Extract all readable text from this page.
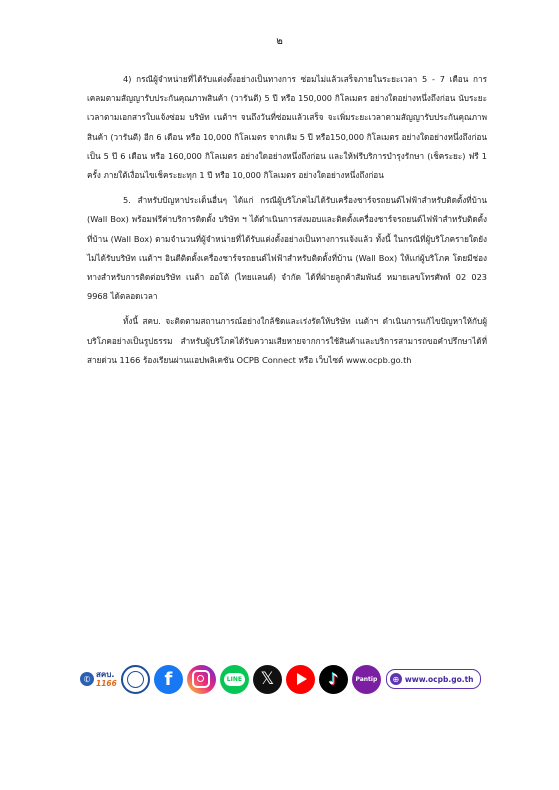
๒

4) กรณีผู้จำหน่ายที่ได้รับแต่งตั้งอย่างเป็นทางการ ซ่อมไม่แล้วเสร็จภายในระยะเวลา 5 - 7 เดือน การเคลมตามสัญญารับประกันคุณภาพสินค้า (วารันตี) 5 ปี หรือ 150,000 กิโลเมตร อย่างใดอย่างหนึ่งถึงก่อน นับระยะเวลาตามเอกสารใบแจ้งซ่อม บริษัท เนต้าฯ จนถึงวันที่ซ่อมแล้วเสร็จ จะเพิ่มระยะเวลาตามสัญญารับประกันคุณภาพสินค้า (วารันตี) อีก 6 เดือน หรือ 10,000 กิโลเมตร จากเดิม 5 ปี หรือ150,000 กิโลเมตร อย่างใดอย่างหนึ่งถึงก่อน เป็น 5 ปี 6 เดือน หรือ 160,000 กิโลเมตร อย่างใดอย่างหนึ่งถึงก่อน และให้ฟรีบริการบำรุงรักษา (เช็คระยะ) ฟรี 1 ครั้ง ภายใต้เงื่อนไขเช็คระยะทุก 1 ปี หรือ 10,000 กิโลเมตร อย่างใดอย่างหนึ่งถึงก่อน

5. สำหรับปัญหาประเด็นอื่นๆ ได้แก่ กรณีผู้บริโภคไม่ได้รับเครื่องชาร์จรถยนต์ไฟฟ้าสำหรับติดตั้งที่บ้าน (Wall Box) พร้อมฟรีค่าบริการติดตั้ง บริษัท ฯ ได้ดำเนินการส่งมอบและติดตั้งเครื่องชาร์จรถยนต์ไฟฟ้าสำหรับติดตั้งที่บ้าน (Wall Box) ตามจำนวนที่ผู้จำหน่ายที่ได้รับแต่งตั้งอย่างเป็นทางการแจ้งแล้ว ทั้งนี้ ในกรณีที่ผู้บริโภครายใดยังไม่ได้รับบริษัท เนต้าฯ อินดีติดตั้งเครื่องชาร์จรถยนต์ไฟฟ้าสำหรับติดตั้งที่บ้าน (Wall Box) ให้แก่ผู้บริโภค โดยมีช่องทางสำหรับการติดต่อบริษัท เนต้า ออโต้ (ไทยแลนด์) จำกัด ได้ที่ฝ่ายลูกค้าสัมพันธ์ หมายเลขโทรศัพท์ 02 023 9968 ได้ตลอดเวลา

ทั้งนี้ สคบ. จะติดตามสถานการณ์อย่างใกล้ชิดและเร่งรัดให้บริษัท เนต้าฯ ดำเนินการแก้ไขปัญหาให้กับผู้บริโภคอย่างเป็นรูปธรรม สำหรับผู้บริโภคได้รับความเสียหายจากการใช้สินค้าและบริการสามารถขอคำปรึกษาได้ที่สายด่วน 1166 ร้องเรียนผ่านแอปพลิเคชัน OCPB Connect หรือ เว็บไซต์ www.ocpb.go.th

✆ สคบ.
1166	f	LINE 𝕏	♪	Pantip	⊕ www.ocpb.go.th
